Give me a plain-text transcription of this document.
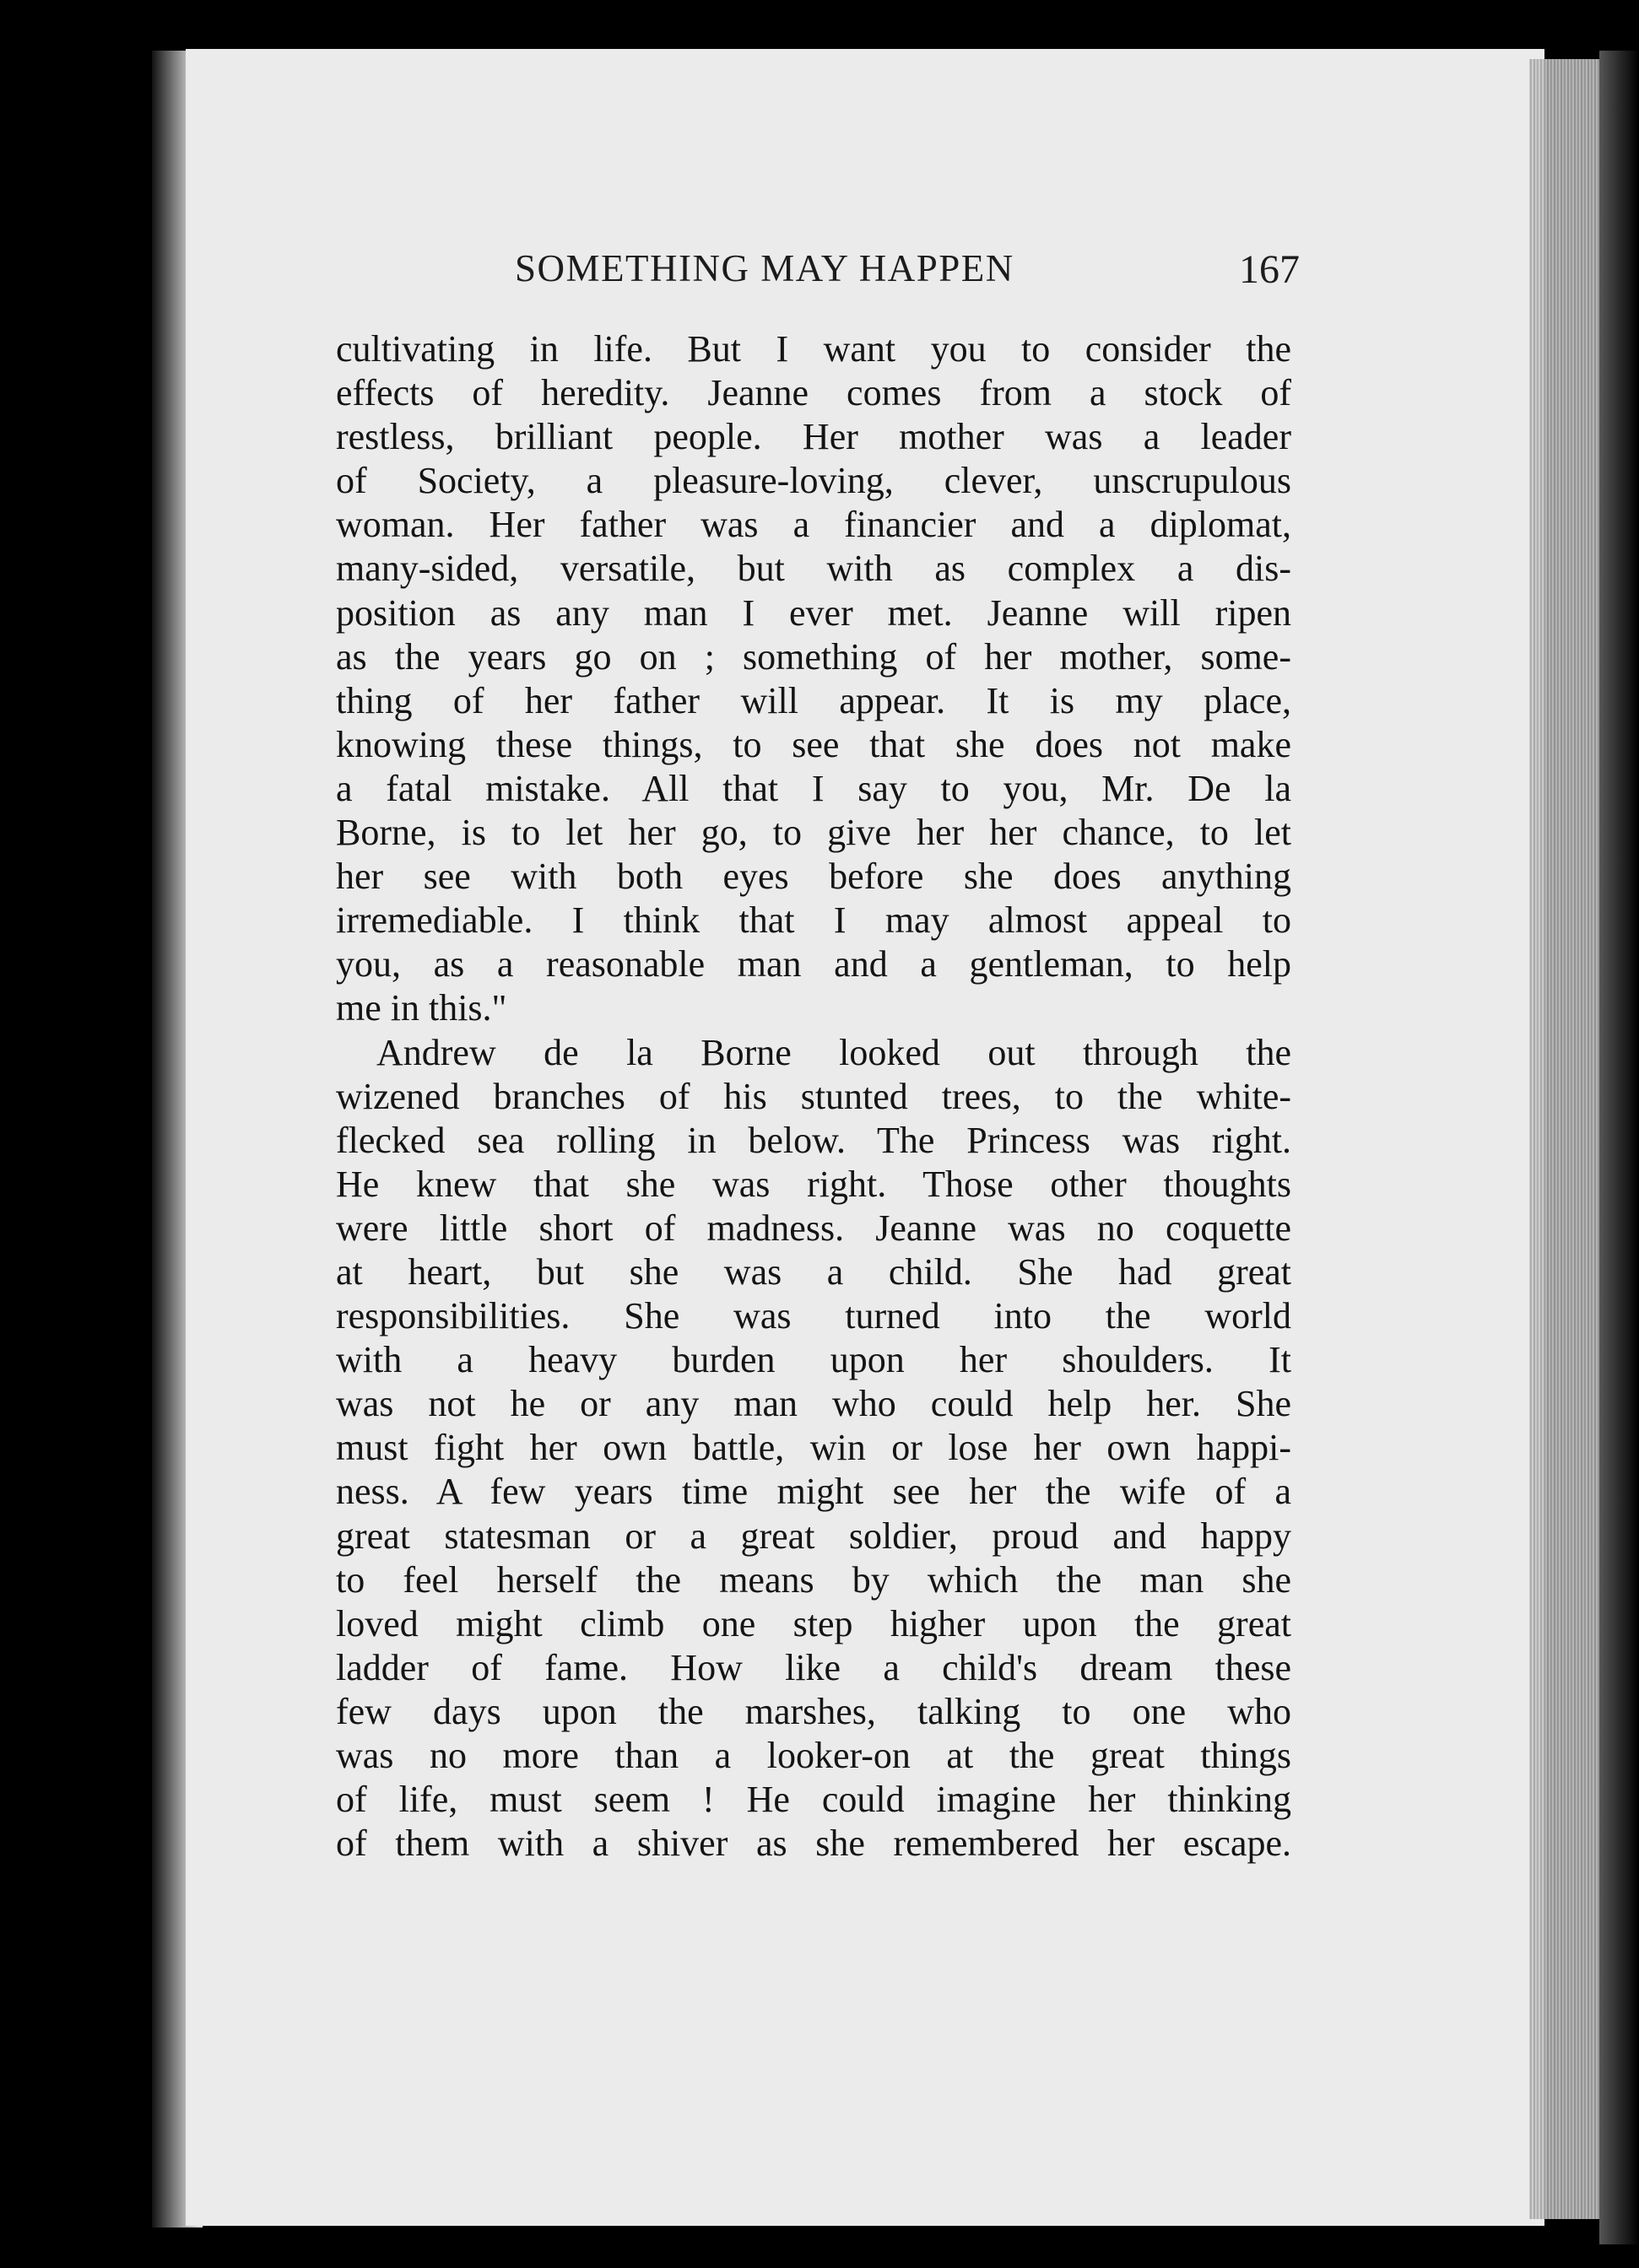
SOMETHING MAY HAPPEN	167
cultivating in life. But I want you to consider the
effects of heredity. Jeanne comes from a stock of
restless, brilliant people. Her mother was a leader
of Society, a pleasure-loving, clever, unscrupulous
woman. Her father was a financier and a diplomat,
many-sided, versatile, but with as complex a dis-
position as any man I ever met. Jeanne will ripen
as the years go on ; something of her mother, some-
thing of her father will appear. It is my place,
knowing these things, to see that she does not make
a fatal mistake. All that I say to you, Mr. De la
Borne, is to let her go, to give her her chance, to let
her see with both eyes before she does anything
irremediable. I think that I may almost appeal to
you, as a reasonable man and a gentleman, to help
me in this."
Andrew de la Borne looked out through the
wizened branches of his stunted trees, to the white-
flecked sea rolling in below. The Princess was right.
He knew that she was right. Those other thoughts
were little short of madness. Jeanne was no coquette
at heart, but she was a child. She had great
responsibilities. She was turned into the world
with a heavy burden upon her shoulders. It
was not he or any man who could help her. She
must fight her own battle, win or lose her own happi-
ness. A few years time might see her the wife of a
great statesman or a great soldier, proud and happy
to feel herself the means by which the man she
loved might climb one step higher upon the great
ladder of fame. How like a child's dream these
few days upon the marshes, talking to one who
was no more than a looker-on at the great things
of life, must seem ! He could imagine her thinking
of them with a shiver as she remembered her escape.
